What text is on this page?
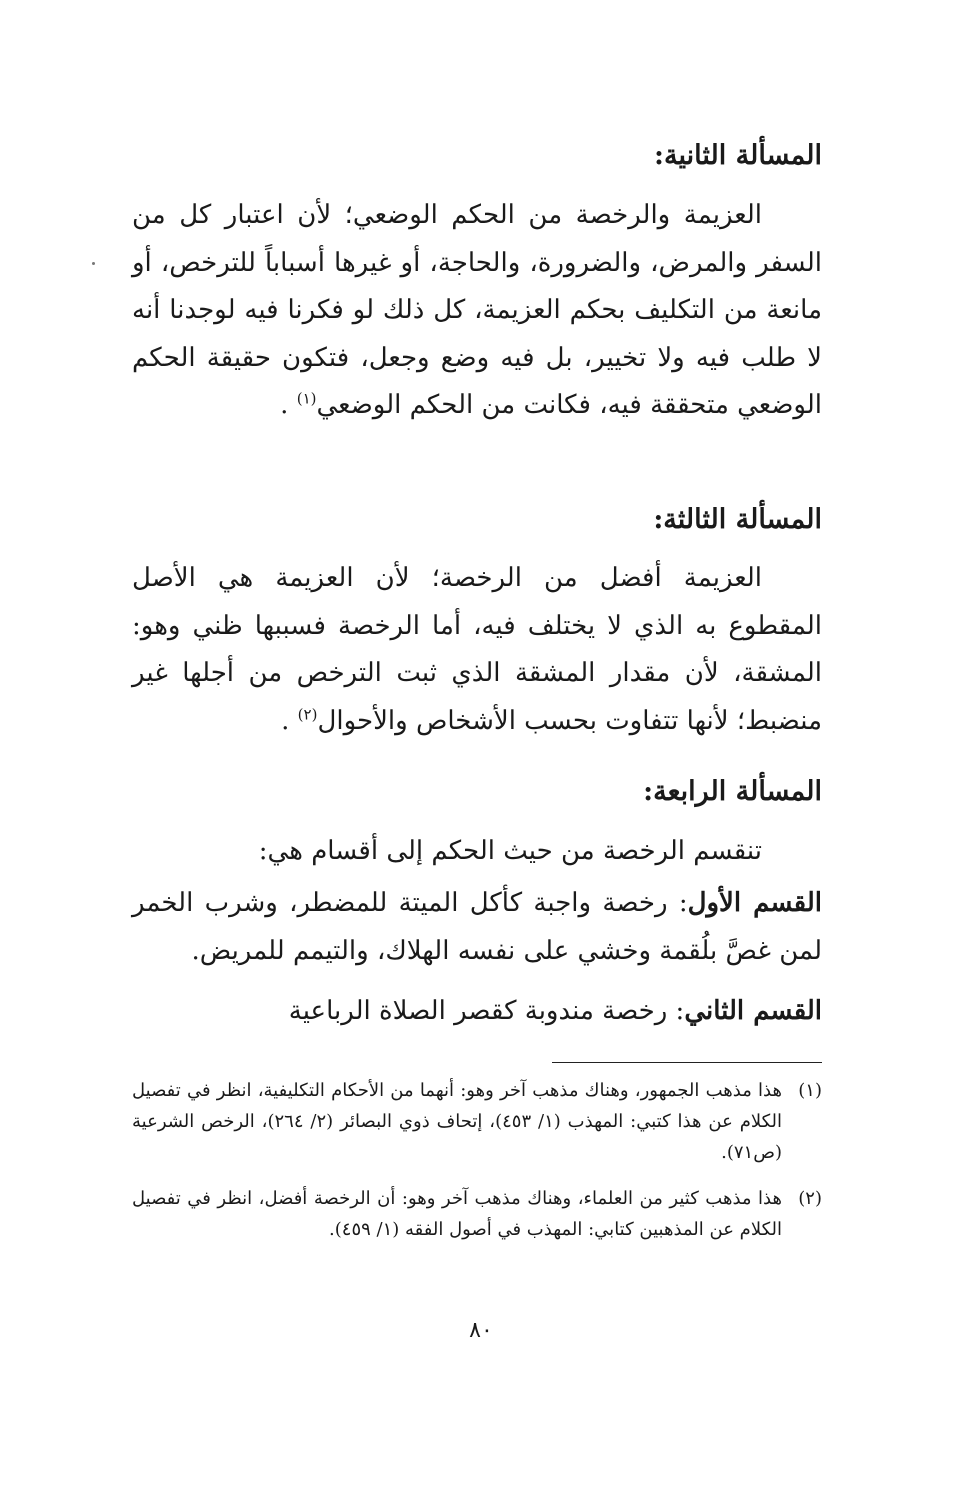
المسألة الثانية:

العزيمة والرخصة من الحكم الوضعي؛ لأن اعتبار كل من السفر والمرض، والضرورة، والحاجة، أو غيرها أسباباً للترخص، أو مانعة من التكليف بحكم العزيمة، كل ذلك لو فكرنا فيه لوجدنا أنه لا طلب فيه ولا تخيير، بل فيه وضع وجعل، فتكون حقيقة الحكم الوضعي متحققة فيه، فكانت من الحكم الوضعي$^{(١)}$ .

المسألة الثالثة:

العزيمة أفضل من الرخصة؛ لأن العزيمة هي الأصل المقطوع به الذي لا يختلف فيه، أما الرخصة فسببها ظني وهو: المشقة، لأن مقدار المشقة الذي ثبت الترخص من أجلها غير منضبط؛ لأنها تتفاوت بحسب الأشخاص والأحوال$^{(٢)}$ .

المسألة الرابعة:

تنقسم الرخصة من حيث الحكم إلى أقسام هي:

القسم الأول: رخصة واجبة كأكل الميتة للمضطر، وشرب الخمر لمن غصَّ بلُقمة وخشي على نفسه الهلاك، والتيمم للمريض.

القسم الثاني: رخصة مندوبة كقصر الصلاة الرباعية

(١)
هذا مذهب الجمهور، وهناك مذهب آخر وهو: أنهما من الأحكام التكليفية، انظر في تفصيل الكلام عن هذا كتبي: المهذب (١/ ٤٥٣)، إتحاف ذوي البصائر (٢/ ٢٦٤)، الرخص الشرعية (ص٧١).
(٢)
هذا مذهب كثير من العلماء، وهناك مذهب آخر وهو: أن الرخصة أفضل، انظر في تفصيل الكلام عن المذهبين كتابي: المهذب في أصول الفقه (١/ ٤٥٩).
٨٠
